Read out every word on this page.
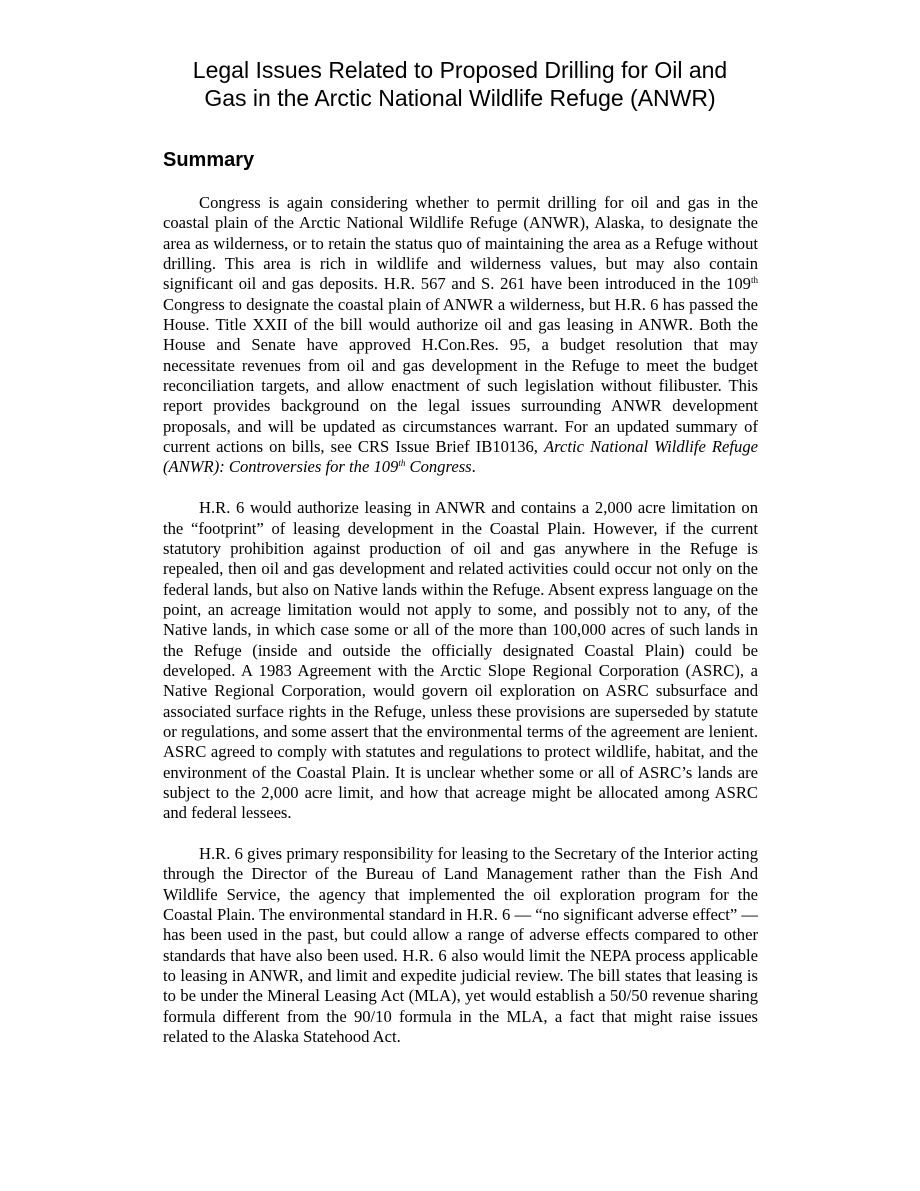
Legal Issues Related to Proposed Drilling for Oil and
Gas in the Arctic National Wildlife Refuge (ANWR)
Summary

Congress is again considering whether to permit drilling for oil and gas in the coastal plain of the Arctic National Wildlife Refuge (ANWR), Alaska, to designate the area as wilderness, or to retain the status quo of maintaining the area as a Refuge without drilling. This area is rich in wildlife and wilderness values, but may also contain significant oil and gas deposits. H.R. 567 and S. 261 have been introduced in the 109th Congress to designate the coastal plain of ANWR a wilderness, but H.R. 6 has passed the House. Title XXII of the bill would authorize oil and gas leasing in ANWR. Both the House and Senate have approved H.Con.Res. 95, a budget resolution that may necessitate revenues from oil and gas development in the Refuge to meet the budget reconciliation targets, and allow enactment of such legislation without filibuster. This report provides background on the legal issues surrounding ANWR development proposals, and will be updated as circumstances warrant. For an updated summary of current actions on bills, see CRS Issue Brief IB10136, Arctic National Wildlife Refuge (ANWR): Controversies for the 109th Congress.

H.R. 6 would authorize leasing in ANWR and contains a 2,000 acre limitation on the “footprint” of leasing development in the Coastal Plain. However, if the current statutory prohibition against production of oil and gas anywhere in the Refuge is repealed, then oil and gas development and related activities could occur not only on the federal lands, but also on Native lands within the Refuge. Absent express language on the point, an acreage limitation would not apply to some, and possibly not to any, of the Native lands, in which case some or all of the more than 100,000 acres of such lands in the Refuge (inside and outside the officially designated Coastal Plain) could be developed. A 1983 Agreement with the Arctic Slope Regional Corporation (ASRC), a Native Regional Corporation, would govern oil exploration on ASRC subsurface and associated surface rights in the Refuge, unless these provisions are superseded by statute or regulations, and some assert that the environmental terms of the agreement are lenient. ASRC agreed to comply with statutes and regulations to protect wildlife, habitat, and the environment of the Coastal Plain. It is unclear whether some or all of ASRC’s lands are subject to the 2,000 acre limit, and how that acreage might be allocated among ASRC and federal lessees.

H.R. 6 gives primary responsibility for leasing to the Secretary of the Interior acting through the Director of the Bureau of Land Management rather than the Fish And Wildlife Service, the agency that implemented the oil exploration program for the Coastal Plain. The environmental standard in H.R. 6 — “no significant adverse effect” — has been used in the past, but could allow a range of adverse effects compared to other standards that have also been used. H.R. 6 also would limit the NEPA process applicable to leasing in ANWR, and limit and expedite judicial review. The bill states that leasing is to be under the Mineral Leasing Act (MLA), yet would establish a 50/50 revenue sharing formula different from the 90/10 formula in the MLA, a fact that might raise issues related to the Alaska Statehood Act.
